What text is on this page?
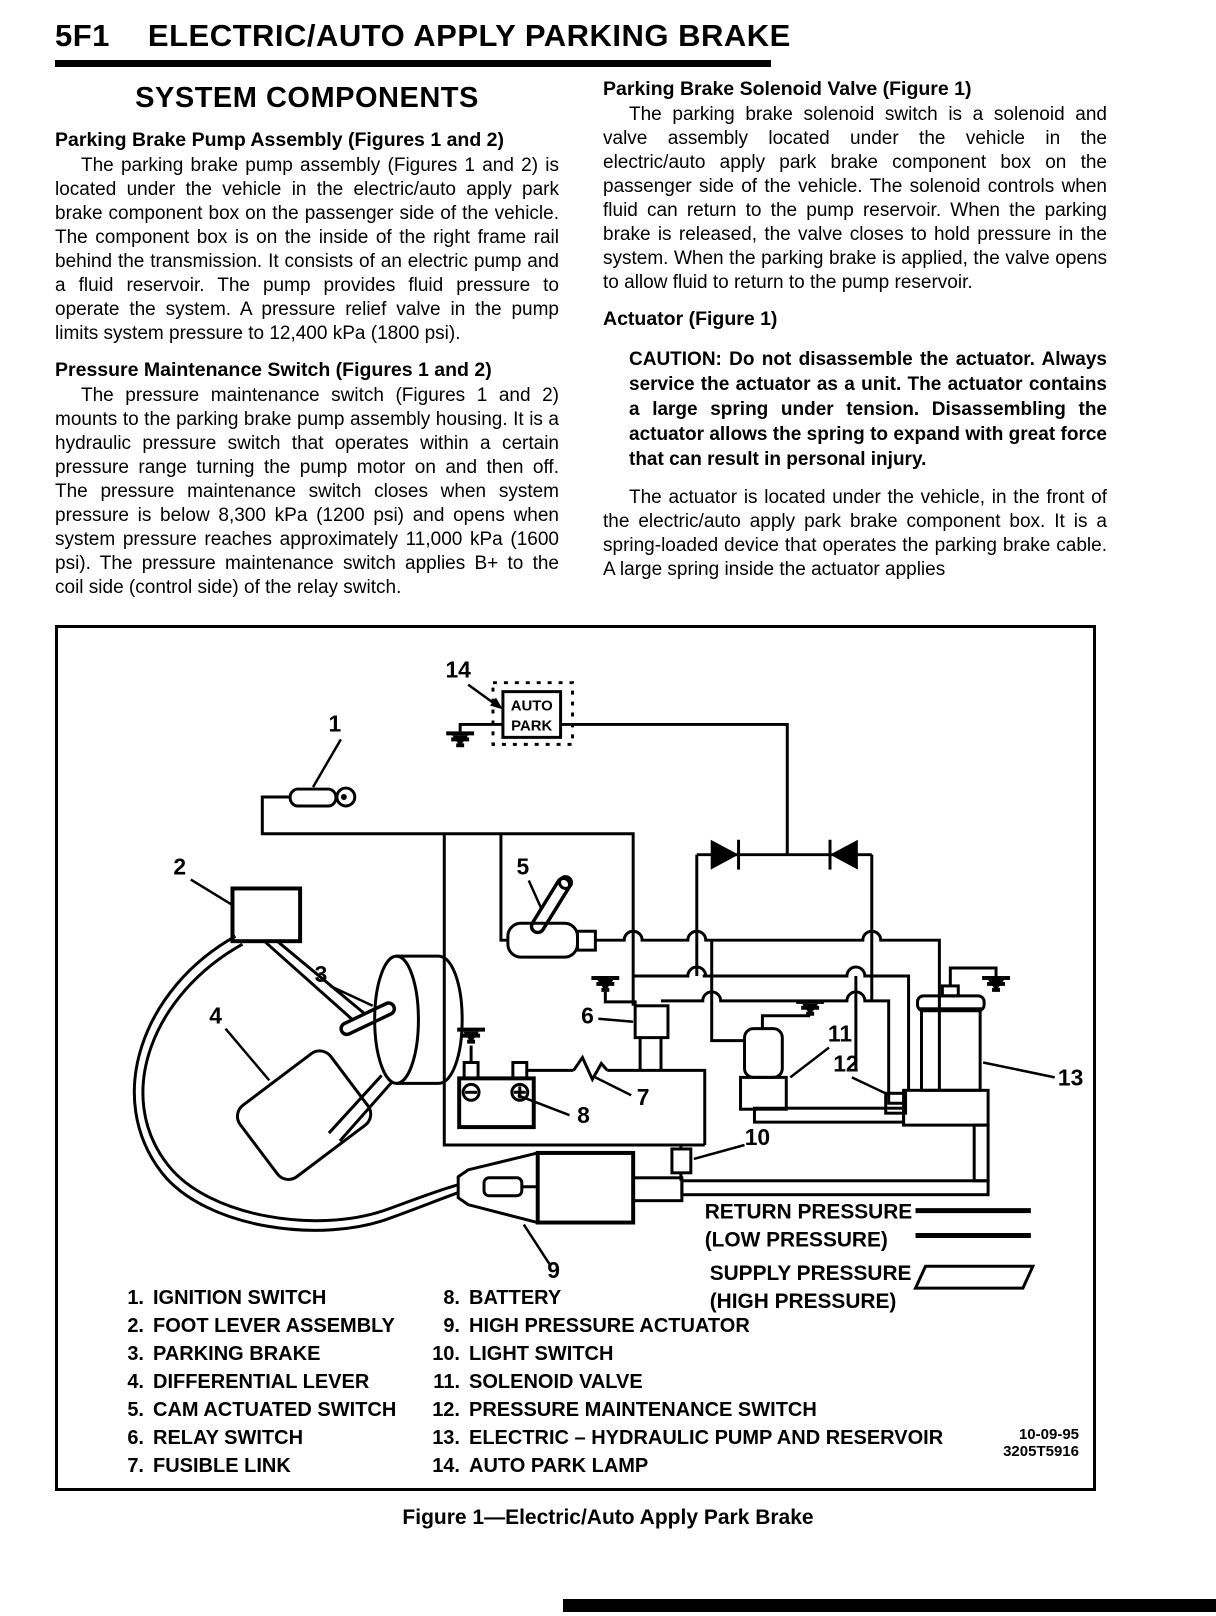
5F1 ELECTRIC/AUTO APPLY PARKING BRAKE
SYSTEM COMPONENTS
Parking Brake Pump Assembly (Figures 1 and 2)

The parking brake pump assembly (Figures 1 and 2) is located under the vehicle in the electric/auto apply park brake component box on the passenger side of the vehicle. The component box is on the inside of the right frame rail behind the transmission. It consists of an electric pump and a fluid reservoir. The pump provides fluid pressure to operate the system. A pressure relief valve in the pump limits system pressure to 12,400 kPa (1800 psi).

Pressure Maintenance Switch (Figures 1 and 2)

The pressure maintenance switch (Figures 1 and 2) mounts to the parking brake pump assembly housing. It is a hydraulic pressure switch that operates within a certain pressure range turning the pump motor on and then off. The pressure maintenance switch closes when system pressure is below 8,300 kPa (1200 psi) and opens when system pressure reaches approximately 11,000 kPa (1600 psi). The pressure maintenance switch applies B+ to the coil side (control side) of the relay switch.

Parking Brake Solenoid Valve (Figure 1)

The parking brake solenoid switch is a solenoid and valve assembly located under the vehicle in the electric/auto apply park brake component box on the passenger side of the vehicle. The solenoid controls when fluid can return to the pump reservoir. When the parking brake is released, the valve closes to hold pressure in the system. When the parking brake is applied, the valve opens to allow fluid to return to the pump reservoir.

Actuator (Figure 1)

CAUTION: Do not disassemble the actuator. Always service the actuator as a unit. The actuator contains a large spring under tension. Disassembling the actuator allows the spring to expand with great force that can result in personal injury.

The actuator is located under the vehicle, in the front of the electric/auto apply park brake component box. It is a spring-loaded device that operates the parking brake cable. A large spring inside the actuator applies

AUTO
PARK
14
1
5
6
7
8
10
11
12
13
2
3
4
9
RETURN PRESSURE
(LOW PRESSURE)
SUPPLY PRESSURE
(HIGH PRESSURE)
1. IGNITION SWITCH
2. FOOT LEVER ASSEMBLY
3. PARKING BRAKE
4. DIFFERENTIAL LEVER
5. CAM ACTUATED SWITCH
6. RELAY SWITCH
7. FUSIBLE LINK
8. BATTERY
9. HIGH PRESSURE ACTUATOR
10. LIGHT SWITCH
11. SOLENOID VALVE
12. PRESSURE MAINTENANCE SWITCH
13. ELECTRIC – HYDRAULIC PUMP AND RESERVOIR
14. AUTO PARK LAMP
10-09-95
3205T5916
Figure 1—Electric/Auto Apply Park Brake
